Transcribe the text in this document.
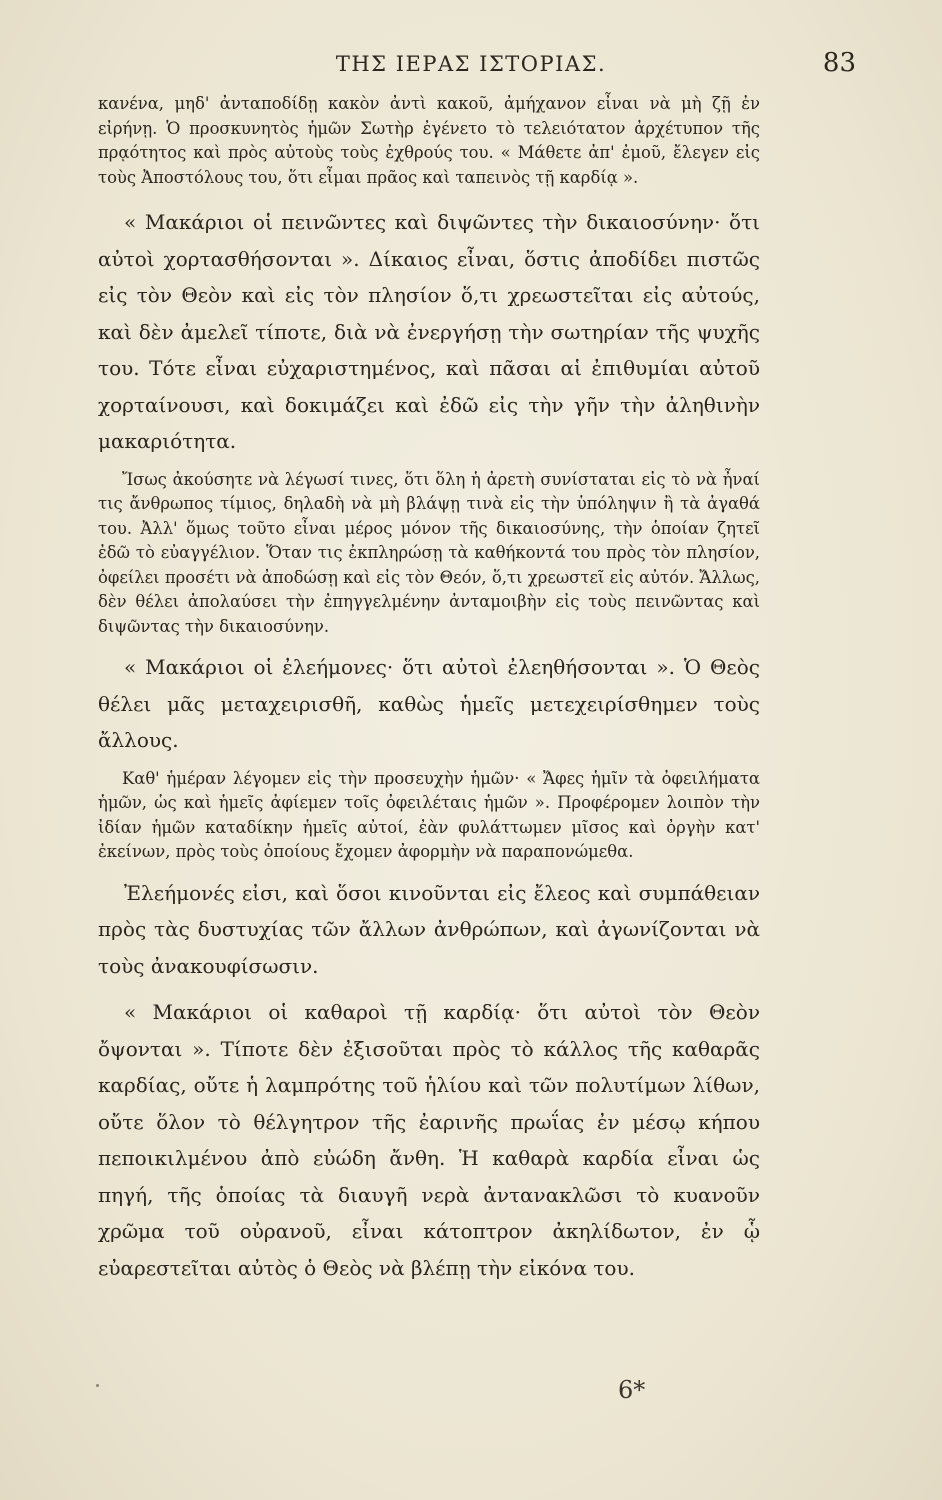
ΤΗΣ ΙΕΡΑΣ ΙΣΤΟΡΙΑΣ.	83

κανένα, μηδ' ἀνταποδίδῃ κακὸν ἀντὶ κακοῦ, ἀμήχανον εἶναι νὰ μὴ ζῇ ἐν εἰρήνῃ. Ὁ προσκυνητὸς ἡμῶν Σωτὴρ ἐγένετο τὸ τελειότατον ἀρχέτυπον τῆς πρᾳότητος καὶ πρὸς αὐτοὺς τοὺς ἐχθρούς του. « Μάθετε ἀπ' ἐμοῦ, ἔλεγεν εἰς τοὺς Ἀποστόλους του, ὅτι εἶμαι πρᾶος καὶ ταπεινὸς τῇ καρδίᾳ ».

« Μακάριοι οἱ πεινῶντες καὶ διψῶντες τὴν δικαιοσύνην· ὅτι αὐτοὶ χορτασθήσονται ». Δίκαιος εἶναι, ὅστις ἀποδίδει πιστῶς εἰς τὸν Θεὸν καὶ εἰς τὸν πλησίον ὅ,τι χρεωστεῖται εἰς αὐτούς, καὶ δὲν ἀμελεῖ τίποτε, διὰ νὰ ἐνεργήσῃ τὴν σωτηρίαν τῆς ψυχῆς του. Τότε εἶναι εὐχαριστημένος, καὶ πᾶσαι αἱ ἐπιθυμίαι αὐτοῦ χορταίνουσι, καὶ δοκιμάζει καὶ ἐδῶ εἰς τὴν γῆν τὴν ἀληθινὴν μακαριότητα.

Ἴσως ἀκούσητε νὰ λέγωσί τινες, ὅτι ὅλη ἡ ἀρετὴ συνίσταται εἰς τὸ νὰ ἦναί τις ἄνθρωπος τίμιος, δηλαδὴ νὰ μὴ βλάψῃ τινὰ εἰς τὴν ὑπόληψιν ἢ τὰ ἀγαθά του. Ἀλλ' ὅμως τοῦτο εἶναι μέρος μόνον τῆς δικαιοσύνης, τὴν ὁποίαν ζητεῖ ἐδῶ τὸ εὐαγγέλιον. Ὅταν τις ἐκπληρώσῃ τὰ καθήκοντά του πρὸς τὸν πλησίον, ὀφείλει προσέτι νὰ ἀποδώσῃ καὶ εἰς τὸν Θεόν, ὅ,τι χρεωστεῖ εἰς αὐτόν. Ἄλλως, δὲν θέλει ἀπολαύσει τὴν ἐπηγγελμένην ἀνταμοιβὴν εἰς τοὺς πεινῶντας καὶ διψῶντας τὴν δικαιοσύνην.

« Μακάριοι οἱ ἐλεήμονες· ὅτι αὐτοὶ ἐλεηθήσονται ». Ὁ Θεὸς θέλει μᾶς μεταχειρισθῆ, καθὼς ἡμεῖς μετεχειρίσθημεν τοὺς ἄλλους.

Καθ' ἡμέραν λέγομεν εἰς τὴν προσευχὴν ἡμῶν· « Ἄφες ἡμῖν τὰ ὀφειλήματα ἡμῶν, ὡς καὶ ἡμεῖς ἀφίεμεν τοῖς ὀφειλέταις ἡμῶν ». Προφέρομεν λοιπὸν τὴν ἰδίαν ἡμῶν καταδίκην ἡμεῖς αὐτοί, ἐὰν φυλάττωμεν μῖσος καὶ ὀργὴν κατ' ἐκείνων, πρὸς τοὺς ὁποίους ἔχομεν ἀφορμὴν νὰ παραπονώμεθα.

Ἐλεήμονές εἰσι, καὶ ὅσοι κινοῦνται εἰς ἔλεος καὶ συμπάθειαν πρὸς τὰς δυστυχίας τῶν ἄλλων ἀνθρώπων, καὶ ἀγωνίζονται νὰ τοὺς ἀνακουφίσωσιν.

« Μακάριοι οἱ καθαροὶ τῇ καρδίᾳ· ὅτι αὐτοὶ τὸν Θεὸν ὄψονται ». Τίποτε δὲν ἐξισοῦται πρὸς τὸ κάλλος τῆς καθαρᾶς καρδίας, οὔτε ἡ λαμπρότης τοῦ ἡλίου καὶ τῶν πολυτίμων λίθων, οὔτε ὅλον τὸ θέλγητρον τῆς ἐαρινῆς πρωΐας ἐν μέσῳ κήπου πεποικιλμένου ἀπὸ εὐώδη ἄνθη. Ἡ καθαρὰ καρδία εἶναι ὡς πηγή, τῆς ὁποίας τὰ διαυγῆ νερὰ ἀντανακλῶσι τὸ κυανοῦν χρῶμα τοῦ οὐρανοῦ, εἶναι κάτοπτρον ἀκηλίδωτον, ἐν ᾧ εὐαρεστεῖται αὐτὸς ὁ Θεὸς νὰ βλέπῃ τὴν εἰκόνα του.

6*
